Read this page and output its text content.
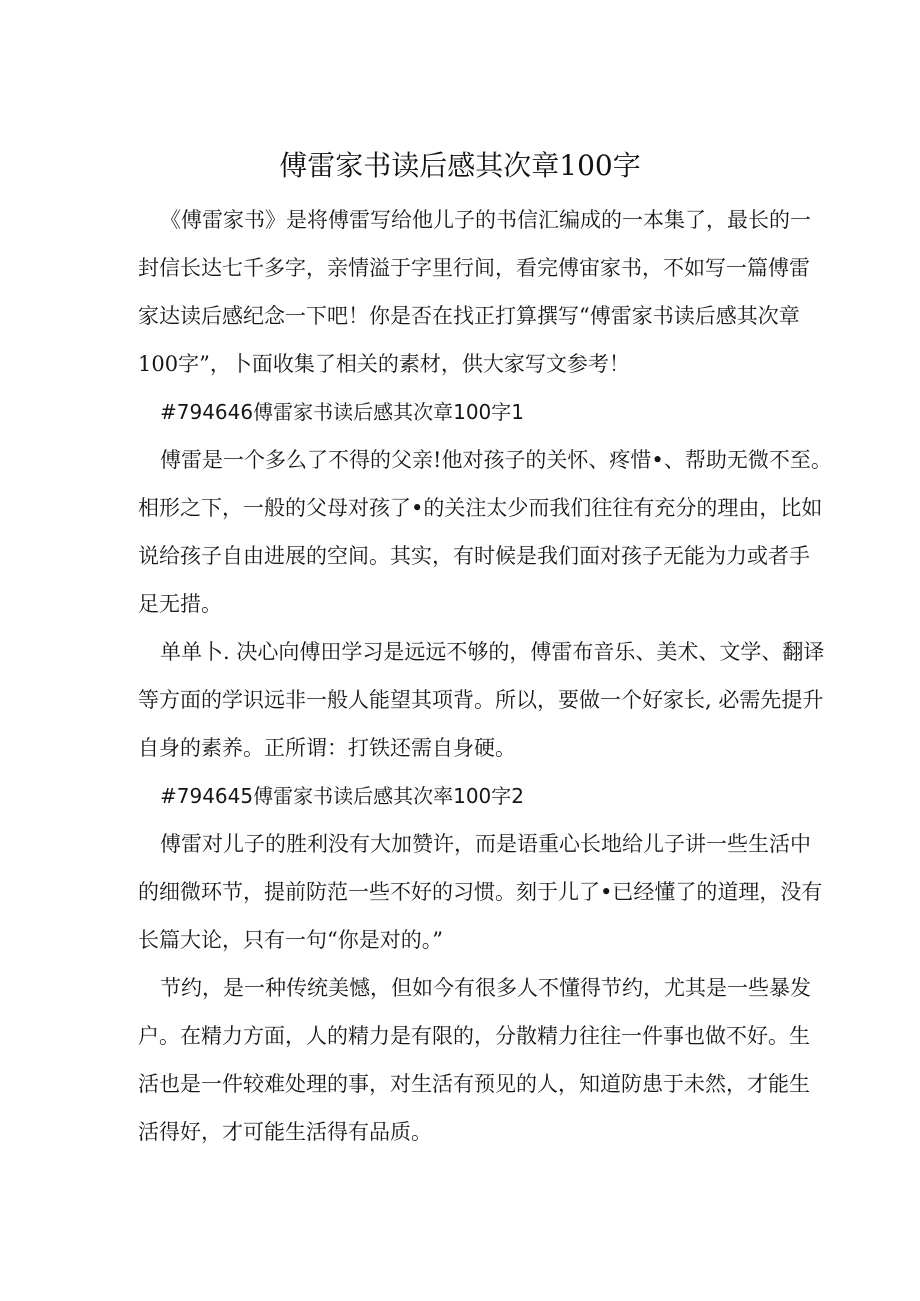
傅雷家书读后感其次章100字

《傅雷家书》是将傅雷写给他儿子的书信汇编成的一本集了，最长的一
封信长达七千多字，亲情溢于字里行间，看完傅宙家书，不如写一篇傅雷
家达读后感纪念一下吧！你是否在找正打算撰写“傅雷家书读后感其次章
100字”，卜面收集了相关的素材，供大家写文参考！

#794646傅雷家书读后感其次章100字1

傅雷是一个多么了不得的父亲!他对孩子的关怀、疼惜•、帮助无微不至。
相形之下，一般的父母对孩了•的关注太少而我们往往有充分的理由，比如
说给孩子自由进展的空间。其实，有时候是我们面对孩子无能为力或者手
足无措。

单单卜. 决心向傅田学习是远远不够的，傅雷布音乐、美术、文学、翻译
等方面的学识远非一般人能望其项背。所以，要做一个好家长, 必需先提升
自身的素养。正所谓：打铁还需自身硬。

#794645傅雷家书读后感其次率100字2

傅雷对儿子的胜利没有大加赞许，而是语重心长地给儿子讲一些生活中
的细微环节，提前防范一些不好的习惯。刻于儿了•已经懂了的道理，没有
长篇大论，只有一句“你是对的。”

节约，是一种传统美憾，但如今有很多人不懂得节约，尤其是一些暴发
户。在精力方面，人的精力是有限的，分散精力往往一件事也做不好。生
活也是一件较难处理的事，对生活有预见的人，知道防患于未然，才能生
活得好，才可能生活得有品质。
